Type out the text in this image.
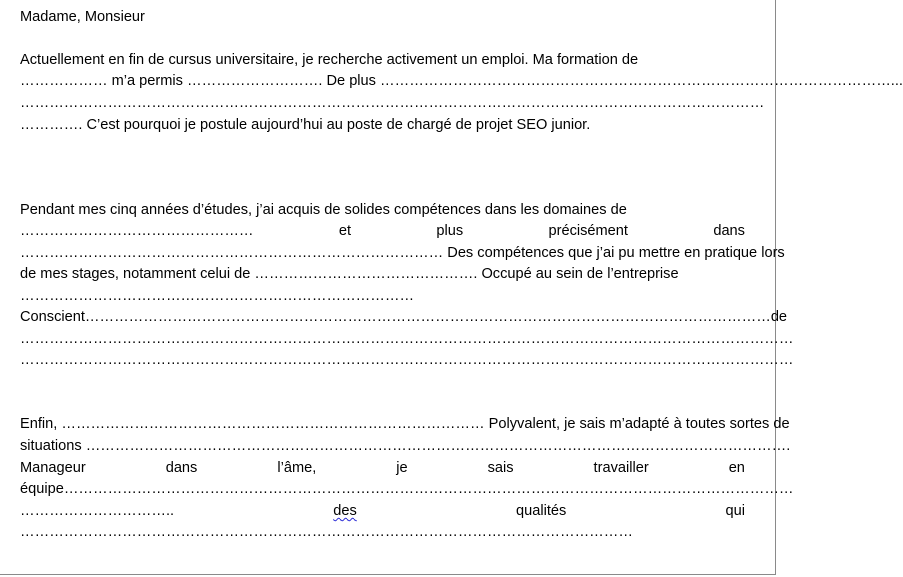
Madame, Monsieur
Actuellement en fin de cursus universitaire, je recherche activement un emploi. Ma formation de
……………… m’a permis ………………………. De plus ……………………………………………………………………………………………...
………………………………………………………………………………………………………………………………………
…………. C’est pourquoi je postule aujourd’hui au poste de chargé de projet SEO junior.
Pendant mes cinq années d’études, j’ai acquis de solides compétences dans les domaines de
…………………………………………	et	plus	précisément	dans
…………………………………………………………………………… Des compétences que j’ai pu mettre en pratique lors
de mes stages, notamment celui de ………………………………………. Occupé au sein de l’entreprise
………………………………………………………………………
Conscient…………………………………………………………………………………………………………………………… de
……………………………………………………………………………………………………………………………………………
……………………………………………………………………………………………………………………………………………
Enfin, …………………………………………………………………………… Polyvalent, je sais m’adapté à toutes sortes de
situations ……………………………………………………………………………………………………………………………….
Manageur	dans	l’âme,	je	sais	travailler	en
équipe……………………………………………………………………………………………………………………………………
…………………………..	des	qualités	qui
………………………………………………………………………………………………………………
